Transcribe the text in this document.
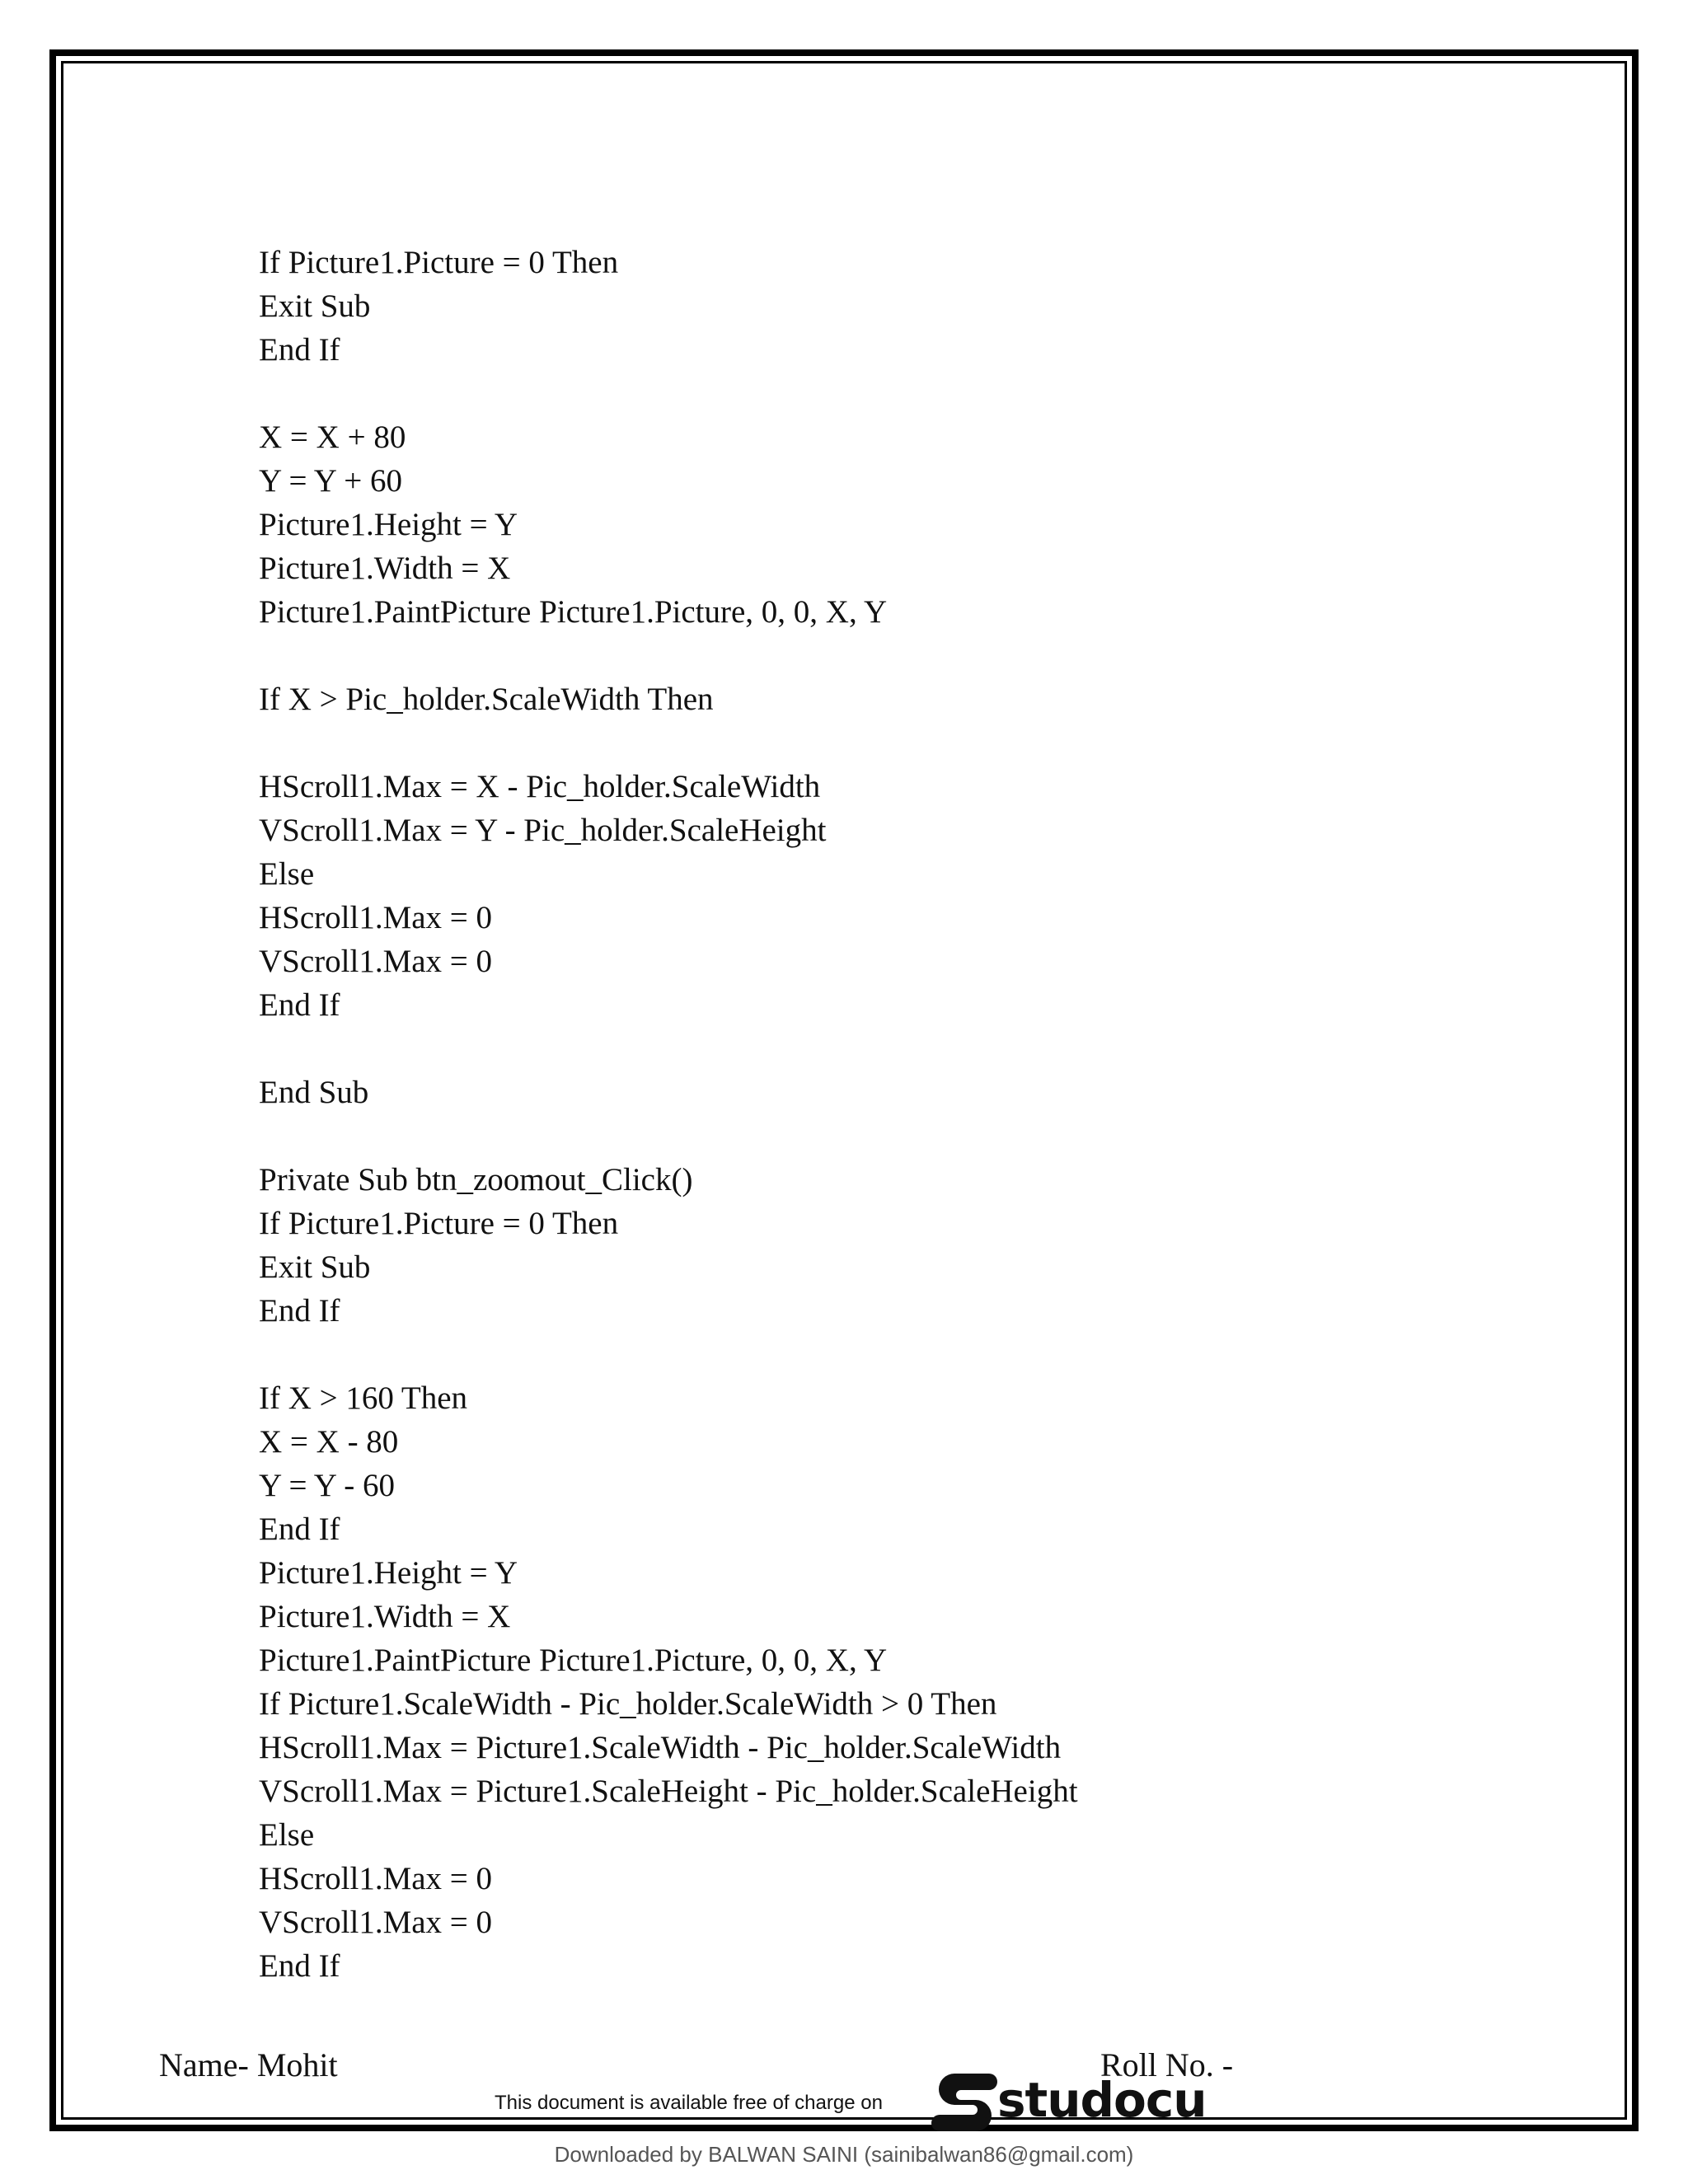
If Picture1.Picture = 0 Then
Exit Sub
End If
X = X + 80
Y = Y + 60
Picture1.Height = Y
Picture1.Width = X
Picture1.PaintPicture Picture1.Picture, 0, 0, X, Y
If X > Pic_holder.ScaleWidth Then
HScroll1.Max = X - Pic_holder.ScaleWidth
VScroll1.Max = Y - Pic_holder.ScaleHeight
Else
HScroll1.Max = 0
VScroll1.Max = 0
End If
End Sub
Private Sub btn_zoomout_Click()
If Picture1.Picture = 0 Then
Exit Sub
End If
If X > 160 Then
X = X - 80
Y = Y - 60
End If
Picture1.Height = Y
Picture1.Width = X
Picture1.PaintPicture Picture1.Picture, 0, 0, X, Y
If Picture1.ScaleWidth - Pic_holder.ScaleWidth > 0 Then
HScroll1.Max = Picture1.ScaleWidth - Pic_holder.ScaleWidth
VScroll1.Max = Picture1.ScaleHeight - Pic_holder.ScaleHeight
Else
HScroll1.Max = 0
VScroll1.Max = 0
End If
Name- Mohit	Roll No. -
This document is available free of charge on studocu
Downloaded by BALWAN SAINI (sainibalwan86@gmail.com)
